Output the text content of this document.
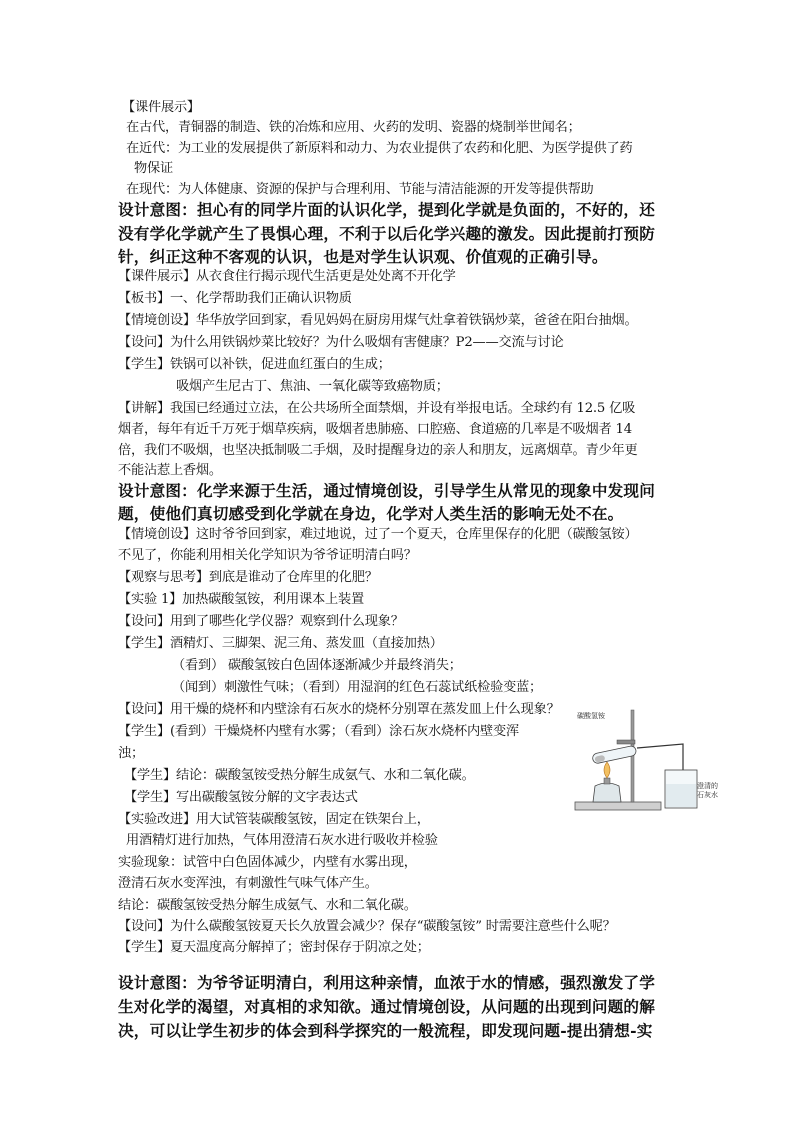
【课件展示】
在古代，青铜器的制造、铁的冶炼和应用、火药的发明、瓷器的烧制举世闻名；
在近代：为工业的发展提供了新原料和动力、为农业提供了农药和化肥、为医学提供了药
物保证
在现代：为人体健康、资源的保护与合理利用、节能与清洁能源的开发等提供帮助
设计意图：担心有的同学片面的认识化学，提到化学就是负面的，不好的，还
没有学化学就产生了畏惧心理，不利于以后化学兴趣的激发。因此提前打预防
针，纠正这种不客观的认识，也是对学生认识观、价值观的正确引导。
【课件展示】从衣食住行揭示现代生活更是处处离不开化学
【板书】一、化学帮助我们正确认识物质
【情境创设】华华放学回到家，看见妈妈在厨房用煤气灶拿着铁锅炒菜，爸爸在阳台抽烟。
【设问】为什么用铁锅炒菜比较好？为什么吸烟有害健康？P2——交流与讨论
【学生】铁锅可以补铁，促进血红蛋白的生成；
吸烟产生尼古丁、焦油、一氧化碳等致癌物质；
【讲解】我国已经通过立法，在公共场所全面禁烟，并设有举报电话。全球约有 12.5 亿吸
烟者，每年有近千万死于烟草疾病，吸烟者患肺癌、口腔癌、食道癌的几率是不吸烟者 14
倍，我们不吸烟，也坚决抵制吸二手烟，及时提醒身边的亲人和朋友，远离烟草。青少年更
不能沾惹上香烟。
设计意图：化学来源于生活，通过情境创设，引导学生从常见的现象中发现问
题，使他们真切感受到化学就在身边，化学对人类生活的影响无处不在。
【情境创设】这时爷爷回到家，难过地说，过了一个夏天，仓库里保存的化肥（碳酸氢铵）
不见了，你能利用相关化学知识为爷爷证明清白吗？
【观察与思考】到底是谁动了仓库里的化肥？
【实验 1】加热碳酸氢铵，利用课本上装置
【设问】用到了哪些化学仪器？观察到什么现象？
【学生】酒精灯、三脚架、泥三角、蒸发皿（直接加热）
（看到） 碳酸氢铵白色固体逐渐减少并最终消失；
（闻到）刺激性气味；（看到）用湿润的红色石蕊试纸检验变蓝；
【设问】用干燥的烧杯和内壁涂有石灰水的烧杯分别罩在蒸发皿上什么现象？
【学生】(看到）干燥烧杯内壁有水雾；（看到）涂石灰水烧杯内壁变浑
浊；
【学生】结论：碳酸氢铵受热分解生成氨气、水和二氧化碳。
【学生】写出碳酸氢铵分解的文字表达式
【实验改进】用大试管装碳酸氢铵，固定在铁架台上，
用酒精灯进行加热，气体用澄清石灰水进行吸收并检验
实验现象：试管中白色固体减少，内壁有水雾出现，
澄清石灰水变浑浊，有刺激性气味气体产生。
结论：碳酸氢铵受热分解生成氨气、水和二氧化碳。
【设问】为什么碳酸氢铵夏天长久放置会减少？保存“碳酸氢铵” 时需要注意些什么呢？
【学生】夏天温度高分解掉了；密封保存于阴凉之处；
设计意图：为爷爷证明清白，利用这种亲情，血浓于水的情感，强烈激发了学
生对化学的渴望，对真相的求知欲。通过情境创设，从问题的出现到问题的解
决，可以让学生初步的体会到科学探究的一般流程，即发现问题-提出猜想-实
碳酸氢铵
澄清的
石灰水
